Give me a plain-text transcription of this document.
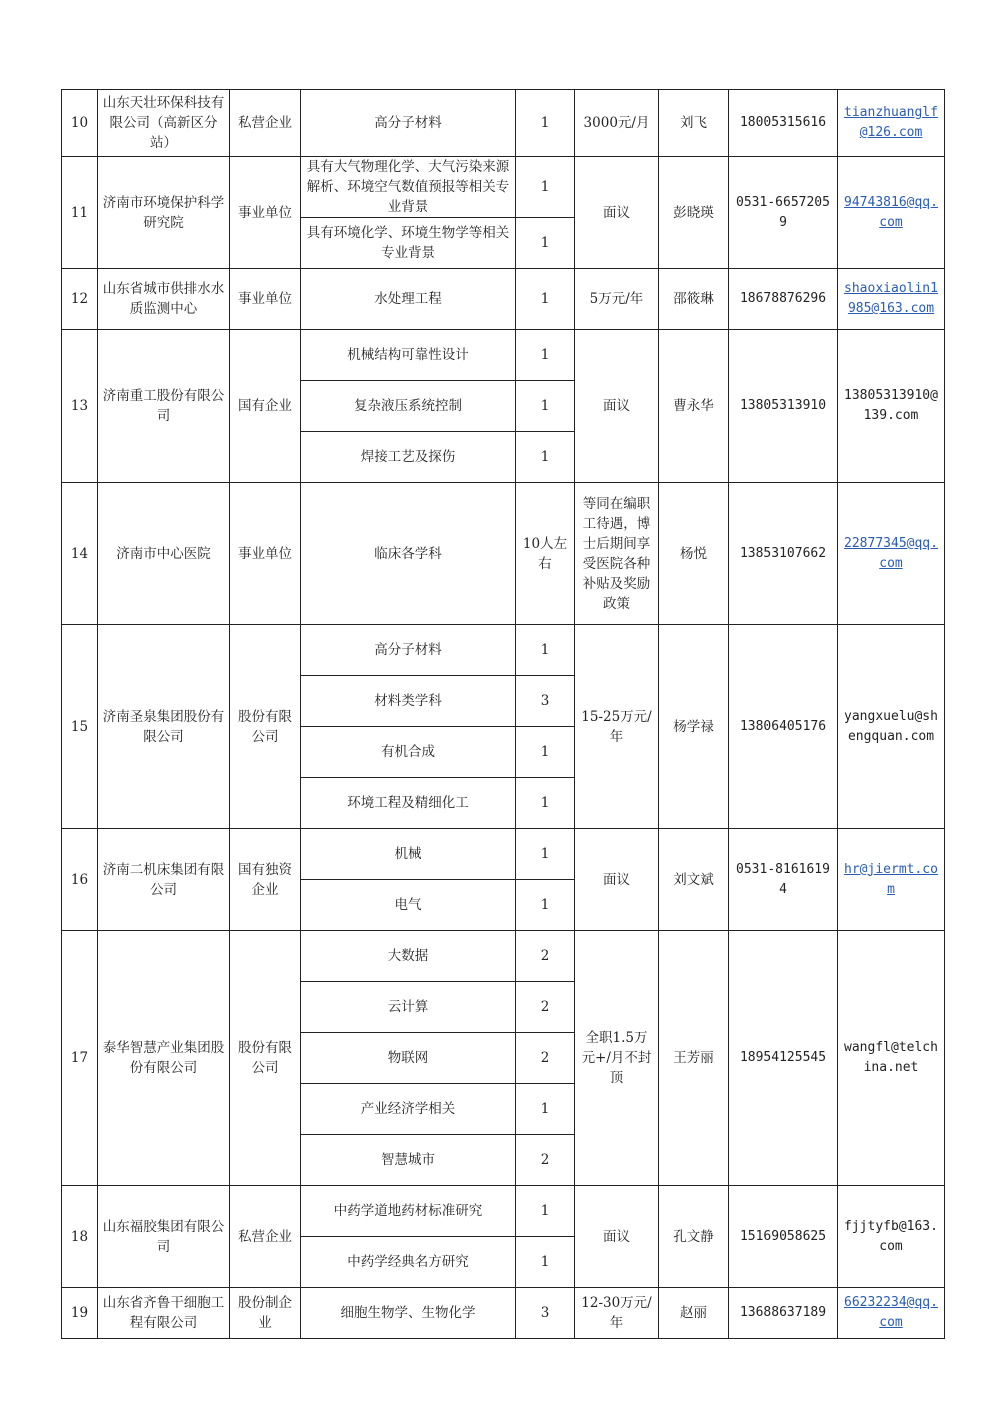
10	山东天壮环保科技有限公司（高新区分站）	私营企业	高分子材料	1	3000元/月	刘飞	18005315616	tianzhuanglf@126.com
11	济南市环境保护科学研究院	事业单位	具有大气物理化学、大气污染来源解析、环境空气数值预报等相关专业背景	1	面议	彭晓瑛	0531-66572059	94743816@qq.com
			具有环境化学、环境生物学等相关专业背景	1				
12	山东省城市供排水水质监测中心	事业单位	水处理工程	1	5万元/年	邵筱琳	18678876296	shaoxiaolin1985@163.com
13	济南重工股份有限公司	国有企业	机械结构可靠性设计	1	面议	曹永华	13805313910	13805313910@139.com
			复杂液压系统控制	1				
			焊接工艺及探伤	1				
14	济南市中心医院	事业单位	临床各学科	10人左右	等同在编职工待遇，博士后期间享受医院各种补贴及奖励政策	杨悦	13853107662	22877345@qq.com
15	济南圣泉集团股份有限公司	股份有限公司	高分子材料	1	15-25万元/年	杨学禄	13806405176	yangxuelu@shengquan.com
			材料类学科	3				
			有机合成	1				
			环境工程及精细化工	1				
16	济南二机床集团有限公司	国有独资企业	机械	1	面议	刘文斌	0531-81616194	hr@jiermt.com
			电气	1				
17	泰华智慧产业集团股份有限公司	股份有限公司	大数据	2	全职1.5万元+/月不封顶	王芳丽	18954125545	wangfl@telchina.net
			云计算	2				
			物联网	2				
			产业经济学相关	1				
			智慧城市	2				
18	山东福胶集团有限公司	私营企业	中药学道地药材标准研究	1	面议	孔文静	15169058625	fjjtyfb@163.com
			中药学经典名方研究	1				
19	山东省齐鲁干细胞工程有限公司	股份制企业	细胞生物学、生物化学	3	12-30万元/年	赵丽	13688637189	66232234@qq.com
